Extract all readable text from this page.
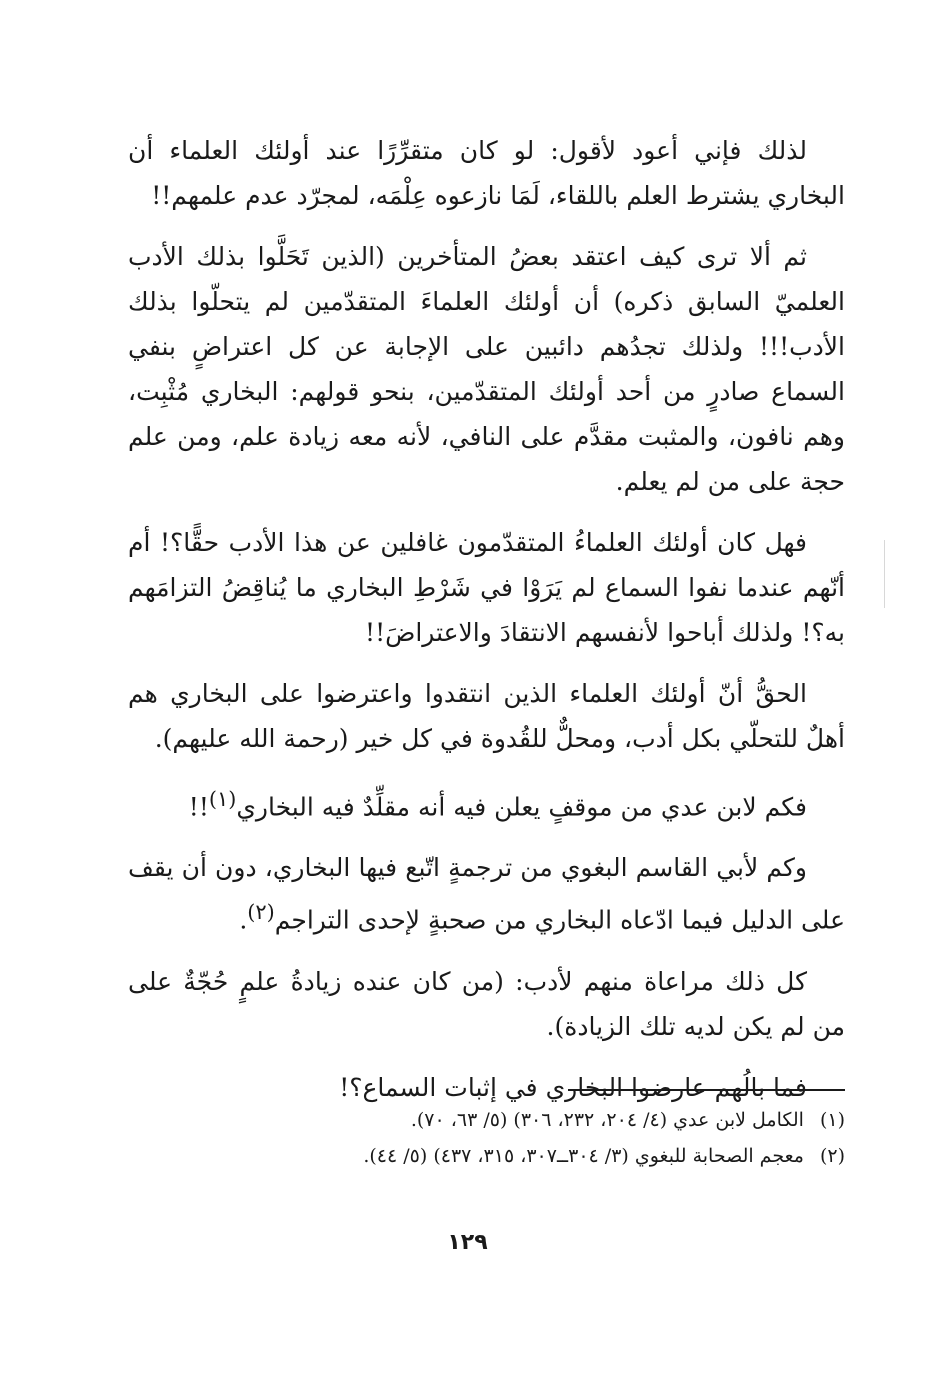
لذلك فإني أعود لأقول: لو كان متقرِّرًا عند أولئك العلماء أن البخاري يشترط العلم باللقاء، لَمَا نازعوه عِلْمَه، لمجرّد عدم علمهم!!

ثم ألا ترى كيف اعتقد بعضُ المتأخرين (الذين تَحَلَّوا بذلك الأدب العلميّ السابق ذكره) أن أولئك العلماءَ المتقدّمين لم يتحلّوا بذلك الأدب!!! ولذلك تجدُهم دائبين على الإجابة عن كل اعتراضٍ بنفي السماع صادرٍ من أحد أولئك المتقدّمين، بنحو قولهم: البخاري مُثْبِت، وهم نافون، والمثبت مقدَّم على النافي، لأنه معه زيادة علم، ومن علم حجة على من لم يعلم.

فهل كان أولئك العلماءُ المتقدّمون غافلين عن هذا الأدب حقًّا؟! أم أنّهم عندما نفوا السماع لم يَرَوْا في شَرْطِ البخاري ما يُناقِضُ التزامَهم به؟! ولذلك أباحوا لأنفسهم الانتقادَ والاعتراضَ!!

الحقُّ أنّ أولئك العلماء الذين انتقدوا واعترضوا على البخاري هم أهلٌ للتحلّي بكل أدب، ومحلٌّ للقُدوة في كل خير (رحمة الله عليهم).

فكم لابن عدي من موقفٍ يعلن فيه أنه مقلِّدٌ فيه البخاري$^{(١)}$!!

وكم لأبي القاسم البغوي من ترجمةٍ اتّبع فيها البخاري، دون أن يقف على الدليل فيما ادّعاه البخاري من صحبةٍ لإحدى التراجم$^{(٢)}$.

كل ذلك مراعاة منهم لأدب: (من كان عنده زيادةُ علمٍ حُجّةٌ على من لم يكن لديه تلك الزيادة).

فما بالُهم عارضوا البخاري في إثبات السماع؟!

(١)الكامل لابن عدي (٤/ ٢٠٤، ٢٣٢، ٣٠٦) (٥/ ٦٣، ٧٠).

(٢)معجم الصحابة للبغوي (٣/ ٣٠٤ــ٣٠٧، ٣١٥، ٤٣٧) (٥/ ٤٤).

١٢٩
